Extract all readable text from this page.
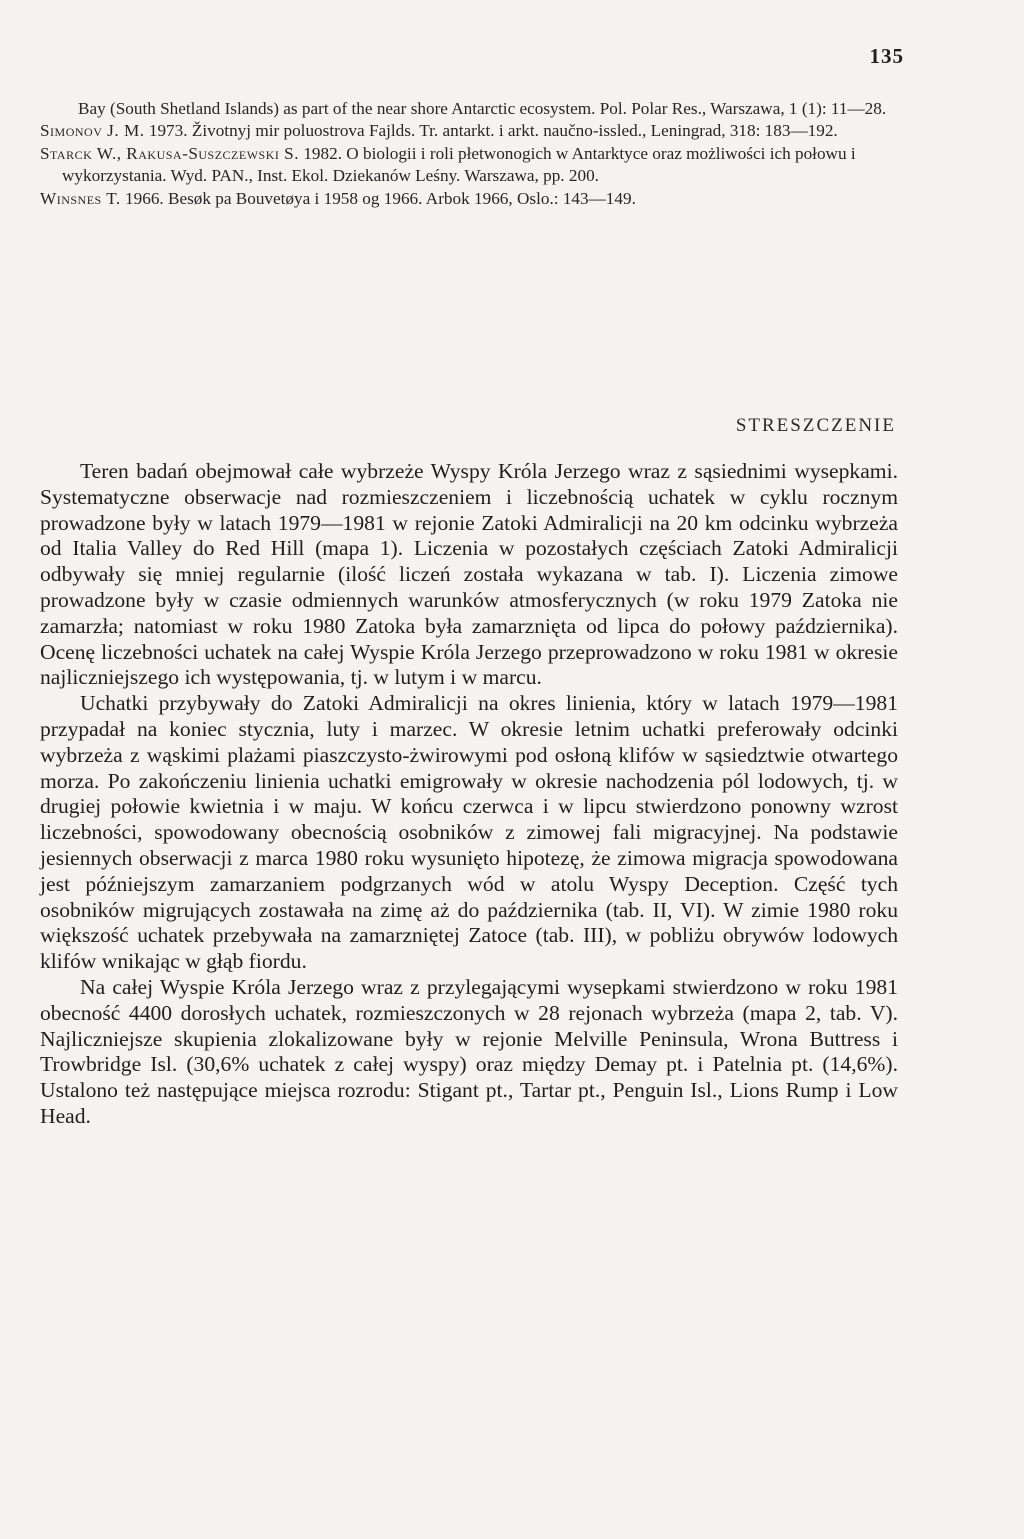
135

Bay (South Shetland Islands) as part of the near shore Antarctic ecosystem. Pol. Polar Res., Warszawa, 1 (1): 11—28.

Simonov J. M. 1973. Životnyj mir poluostrova Fajlds. Tr. antarkt. i arkt. naučno-issled., Leningrad, 318: 183—192.

Starck W., Rakusa-Suszczewski S. 1982. O biologii i roli płetwonogich w Antarktyce oraz możliwości ich połowu i wykorzystania. Wyd. PAN., Inst. Ekol. Dziekanów Leśny. Warszawa, pp. 200.

Winsnes T. 1966. Besøk pa Bouvetøya i 1958 og 1966. Arbok 1966, Oslo.: 143—149.

STRESZCZENIE

Teren badań obejmował całe wybrzeże Wyspy Króla Jerzego wraz z sąsiednimi wysepkami. Systematyczne obserwacje nad rozmieszczeniem i liczebnością uchatek w cyklu rocznym prowadzone były w latach 1979—1981 w rejonie Zatoki Admiralicji na 20 km odcinku wybrzeża od Italia Valley do Red Hill (mapa 1). Liczenia w pozostałych częściach Zatoki Admiralicji odbywały się mniej regularnie (ilość liczeń została wykazana w tab. I). Liczenia zimowe prowadzone były w czasie odmiennych warunków atmosferycznych (w roku 1979 Zatoka nie zamarzła; natomiast w roku 1980 Zatoka była zamarznięta od lipca do połowy października). Ocenę liczebności uchatek na całej Wyspie Króla Jerzego przeprowadzono w roku 1981 w okresie najliczniejszego ich występowania, tj. w lutym i w marcu.

Uchatki przybywały do Zatoki Admiralicji na okres linienia, który w latach 1979—1981 przypadał na koniec stycznia, luty i marzec. W okresie letnim uchatki preferowały odcinki wybrzeża z wąskimi plażami piaszczysto-żwirowymi pod osłoną klifów w sąsiedztwie otwartego morza. Po zakończeniu linienia uchatki emigrowały w okresie nachodzenia pól lodowych, tj. w drugiej połowie kwietnia i w maju. W końcu czerwca i w lipcu stwierdzono ponowny wzrost liczebności, spowodowany obecnością osobników z zimowej fali migracyjnej. Na podstawie jesiennych obserwacji z marca 1980 roku wysunięto hipotezę, że zimowa migracja spowodowana jest późniejszym zamarzaniem podgrzanych wód w atolu Wyspy Deception. Część tych osobników migrujących zostawała na zimę aż do października (tab. II, VI). W zimie 1980 roku większość uchatek przebywała na zamarzniętej Zatoce (tab. III), w pobliżu obrywów lodowych klifów wnikając w głąb fiordu.

Na całej Wyspie Króla Jerzego wraz z przylegającymi wysepkami stwierdzono w roku 1981 obecność 4400 dorosłych uchatek, rozmieszczonych w 28 rejonach wybrzeża (mapa 2, tab. V). Najliczniejsze skupienia zlokalizowane były w rejonie Melville Peninsula, Wrona Buttress i Trowbridge Isl. (30,6% uchatek z całej wyspy) oraz między Demay pt. i Patelnia pt. (14,6%). Ustalono też następujące miejsca rozrodu: Stigant pt., Tartar pt., Penguin Isl., Lions Rump i Low Head.
